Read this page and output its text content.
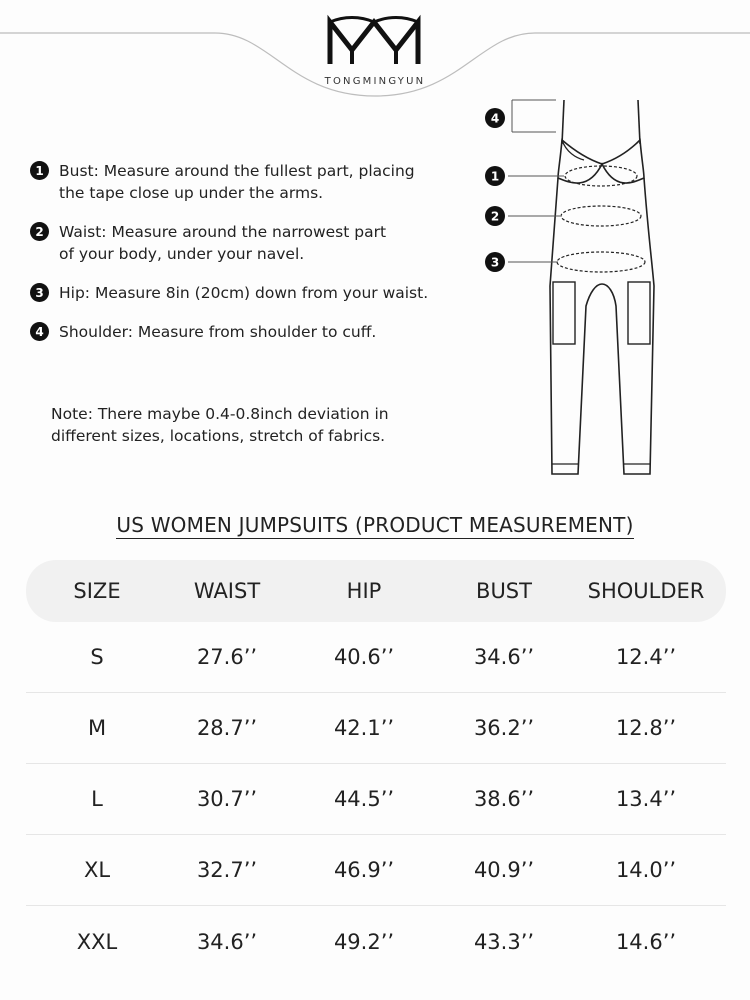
TONGMINGYUN
1 Bust: Measure around the fullest part, placing the tape close up under the arms.
2 Waist: Measure around the narrowest part of your body, under your navel.
3 Hip: Measure 8in (20cm) down from your waist.
4 Shoulder: Measure from shoulder to cuff.
Note: There maybe 0.4-0.8inch deviation in different sizes, locations, stretch of fabrics.
4
1
2
3
US WOMEN JUMPSUITS (PRODUCT MEASUREMENT)
SIZE	WAIST	HIP	BUST	SHOULDER
S	27.6’’	40.6’’	34.6’’	12.4’’
M	28.7’’	42.1’’	36.2’’	12.8’’
L	30.7’’	44.5’’	38.6’’	13.4’’
XL	32.7’’	46.9’’	40.9’’	14.0’’
XXL	34.6’’	49.2’’	43.3’’	14.6’’
